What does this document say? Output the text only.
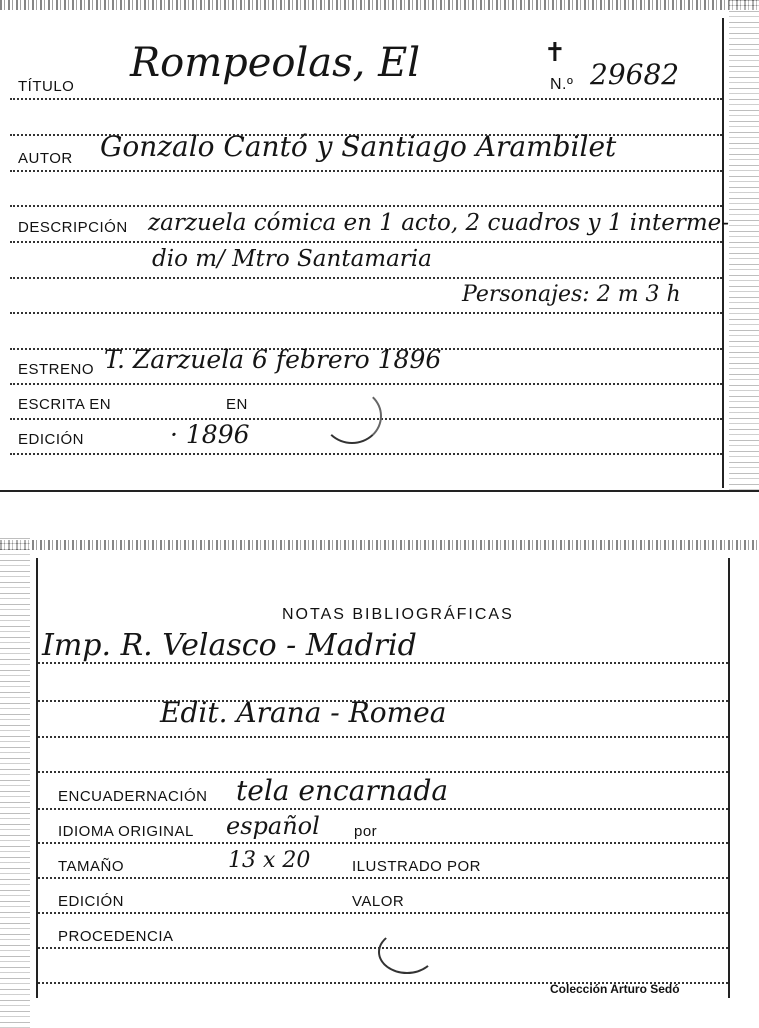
TÍTULO
Rompeolas, El	✝
N.º 29682
AUTOR Gonzalo Cantó y Santiago Arambilet
DESCRIPCIÓN zarzuela cómica en 1 acto, 2 cuadros y 1 interme-
dio m/ Mtro Santamaria
Personajes: 2 m 3 h
ESTRENO T. Zarzuela 6 febrero 1896
ESCRITA EN	EN
EDICIÓN	· 1896
NOTAS BIBLIOGRÁFICAS
Imp. R. Velasco - Madrid
Edit. Arana - Romea
ENCUADERNACIÓN tela encarnada
IDIOMA ORIGINAL español por
TAMAÑO	13 x 20	ILUSTRADO POR
EDICIÓN	VALOR
PROCEDENCIA
Colección Arturo Sedó
